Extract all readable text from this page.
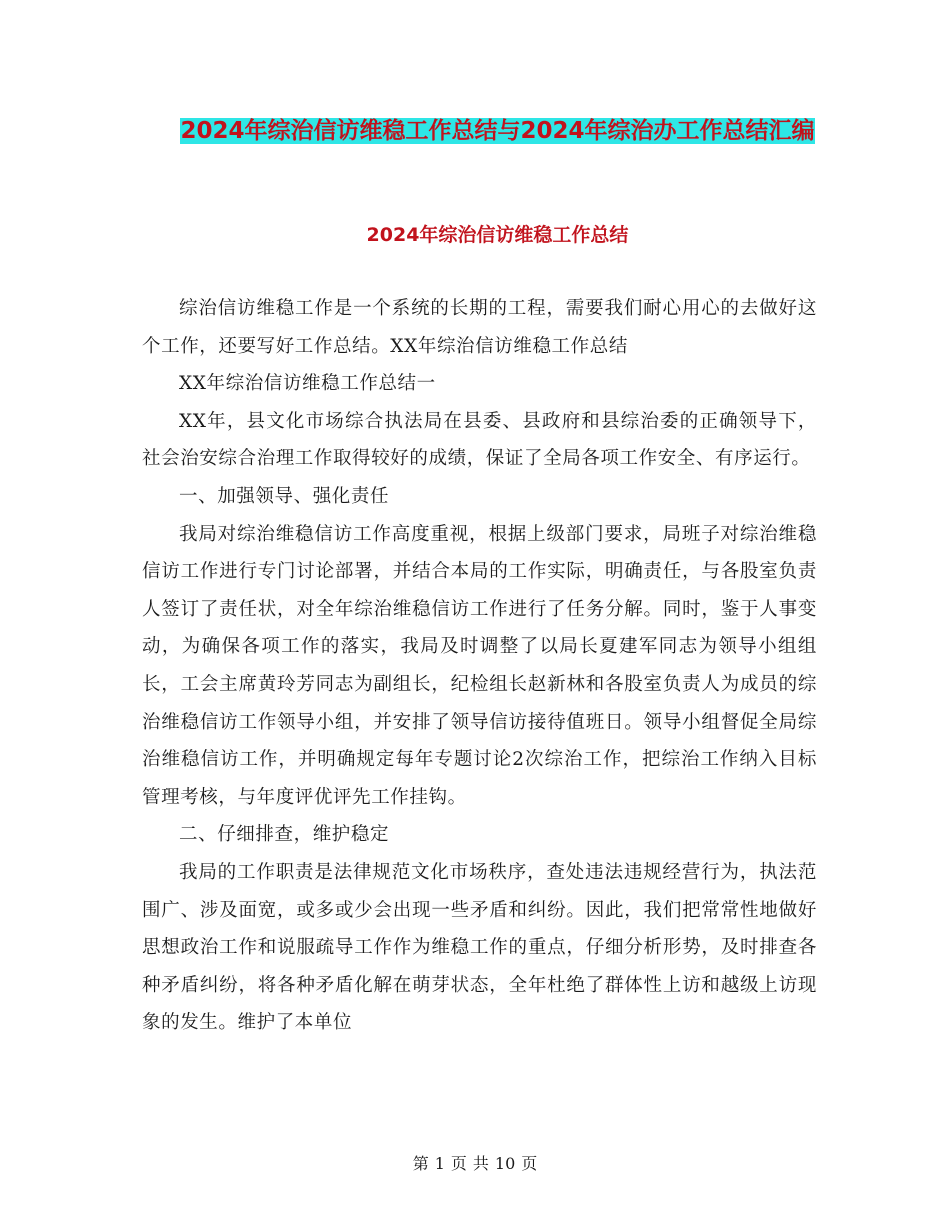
2024年综治信访维稳工作总结与2024年综治办工作总结汇编
2024年综治信访维稳工作总结

综治信访维稳工作是一个系统的长期的工程，需要我们耐心用心的去做好这个工作，还要写好工作总结。XX年综治信访维稳工作总结

XX年综治信访维稳工作总结一

XX年，县文化市场综合执法局在县委、县政府和县综治委的正确领导下，社会治安综合治理工作取得较好的成绩，保证了全局各项工作安全、有序运行。

一、加强领导、强化责任

我局对综治维稳信访工作高度重视，根据上级部门要求，局班子对综治维稳信访工作进行专门讨论部署，并结合本局的工作实际，明确责任，与各股室负责人签订了责任状，对全年综治维稳信访工作进行了任务分解。同时，鉴于人事变动，为确保各项工作的落实，我局及时调整了以局长夏建军同志为领导小组组长，工会主席黄玲芳同志为副组长，纪检组长赵新林和各股室负责人为成员的综治维稳信访工作领导小组，并安排了领导信访接待值班日。领导小组督促全局综治维稳信访工作，并明确规定每年专题讨论2次综治工作，把综治工作纳入目标管理考核，与年度评优评先工作挂钩。

二、仔细排查，维护稳定

我局的工作职责是法律规范文化市场秩序，查处违法违规经营行为，执法范围广、涉及面宽，或多或少会出现一些矛盾和纠纷。因此，我们把常常性地做好思想政治工作和说服疏导工作作为维稳工作的重点，仔细分析形势，及时排查各种矛盾纠纷，将各种矛盾化解在萌芽状态，全年杜绝了群体性上访和越级上访现象的发生。维护了本单位

第 1 页 共 10 页
